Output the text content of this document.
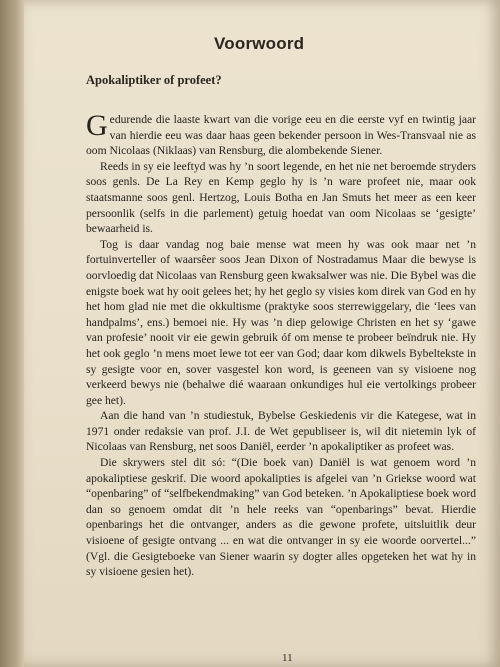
Voorwoord
Apokaliptiker of profeet?

Gedurende die laaste kwart van die vorige eeu en die eerste vyf en twintig jaar van hierdie eeu was daar haas geen bekender persoon in Wes-Transvaal nie as oom Nicolaas (Niklaas) van Rensburg, die alombekende Siener.

Reeds in sy eie leeftyd was hy ’n soort legende, en het nie net beroemde stryders soos genls. De La Rey en Kemp geglo hy is ’n ware profeet nie, maar ook staatsmanne soos genl. Hertzog, Louis Botha en Jan Smuts het meer as een keer persoonlik (selfs in die parlement) getuig hoedat van oom Nicolaas se ‘gesigte’ bewaarheid is.

Tog is daar vandag nog baie mense wat meen hy was ook maar net ’n fortuinverteller of waarsêer soos Jean Dixon of Nostradamus Maar die bewyse is oorvloedig dat Nicolaas van Rensburg geen kwaksalwer was nie. Die Bybel was die enigste boek wat hy ooit gelees het; hy het geglo sy visies kom direk van God en hy het hom glad nie met die okkultisme (praktyke soos sterrewiggelary, die ‘lees van handpalms’, ens.) bemoei nie. Hy was ’n diep gelowige Christen en het sy ‘gawe van profesie’ nooit vir eie gewin gebruik óf om mense te probeer beïndruk nie. Hy het ook geglo ’n mens moet lewe tot eer van God; daar kom dikwels Bybeltekste in sy gesigte voor en, sover vasgestel kon word, is geeneen van sy visioene nog verkeerd bewys nie (behalwe dié waaraan onkundiges hul eie vertolkings probeer gee het).

Aan die hand van ’n studiestuk, Bybelse Geskiedenis vir die Kategese, wat in 1971 onder redaksie van prof. J.I. de Wet gepubliseer is, wil dit nietemin lyk of Nicolaas van Rensburg, net soos Daniël, eerder ’n apokaliptiker as profeet was.

Die skrywers stel dit só: “(Die boek van) Daniël is wat genoem word ’n apokaliptiese geskrif. Die woord apokalipties is afgelei van ’n Griekse woord wat “openbaring” of “selfbekendmaking” van God beteken. ’n Apokaliptiese boek word dan so genoem omdat dit ’n hele reeks van “openbarings” bevat. Hierdie openbarings het die ontvanger, anders as die gewone profete, uitsluitlik deur visioene of gesigte ontvang ... en wat die ontvanger in sy eie woorde oorvertel...” (Vgl. die Gesigteboeke van Siener waarin sy dogter alles opgeteken het wat hy in sy visioene gesien het).

11
